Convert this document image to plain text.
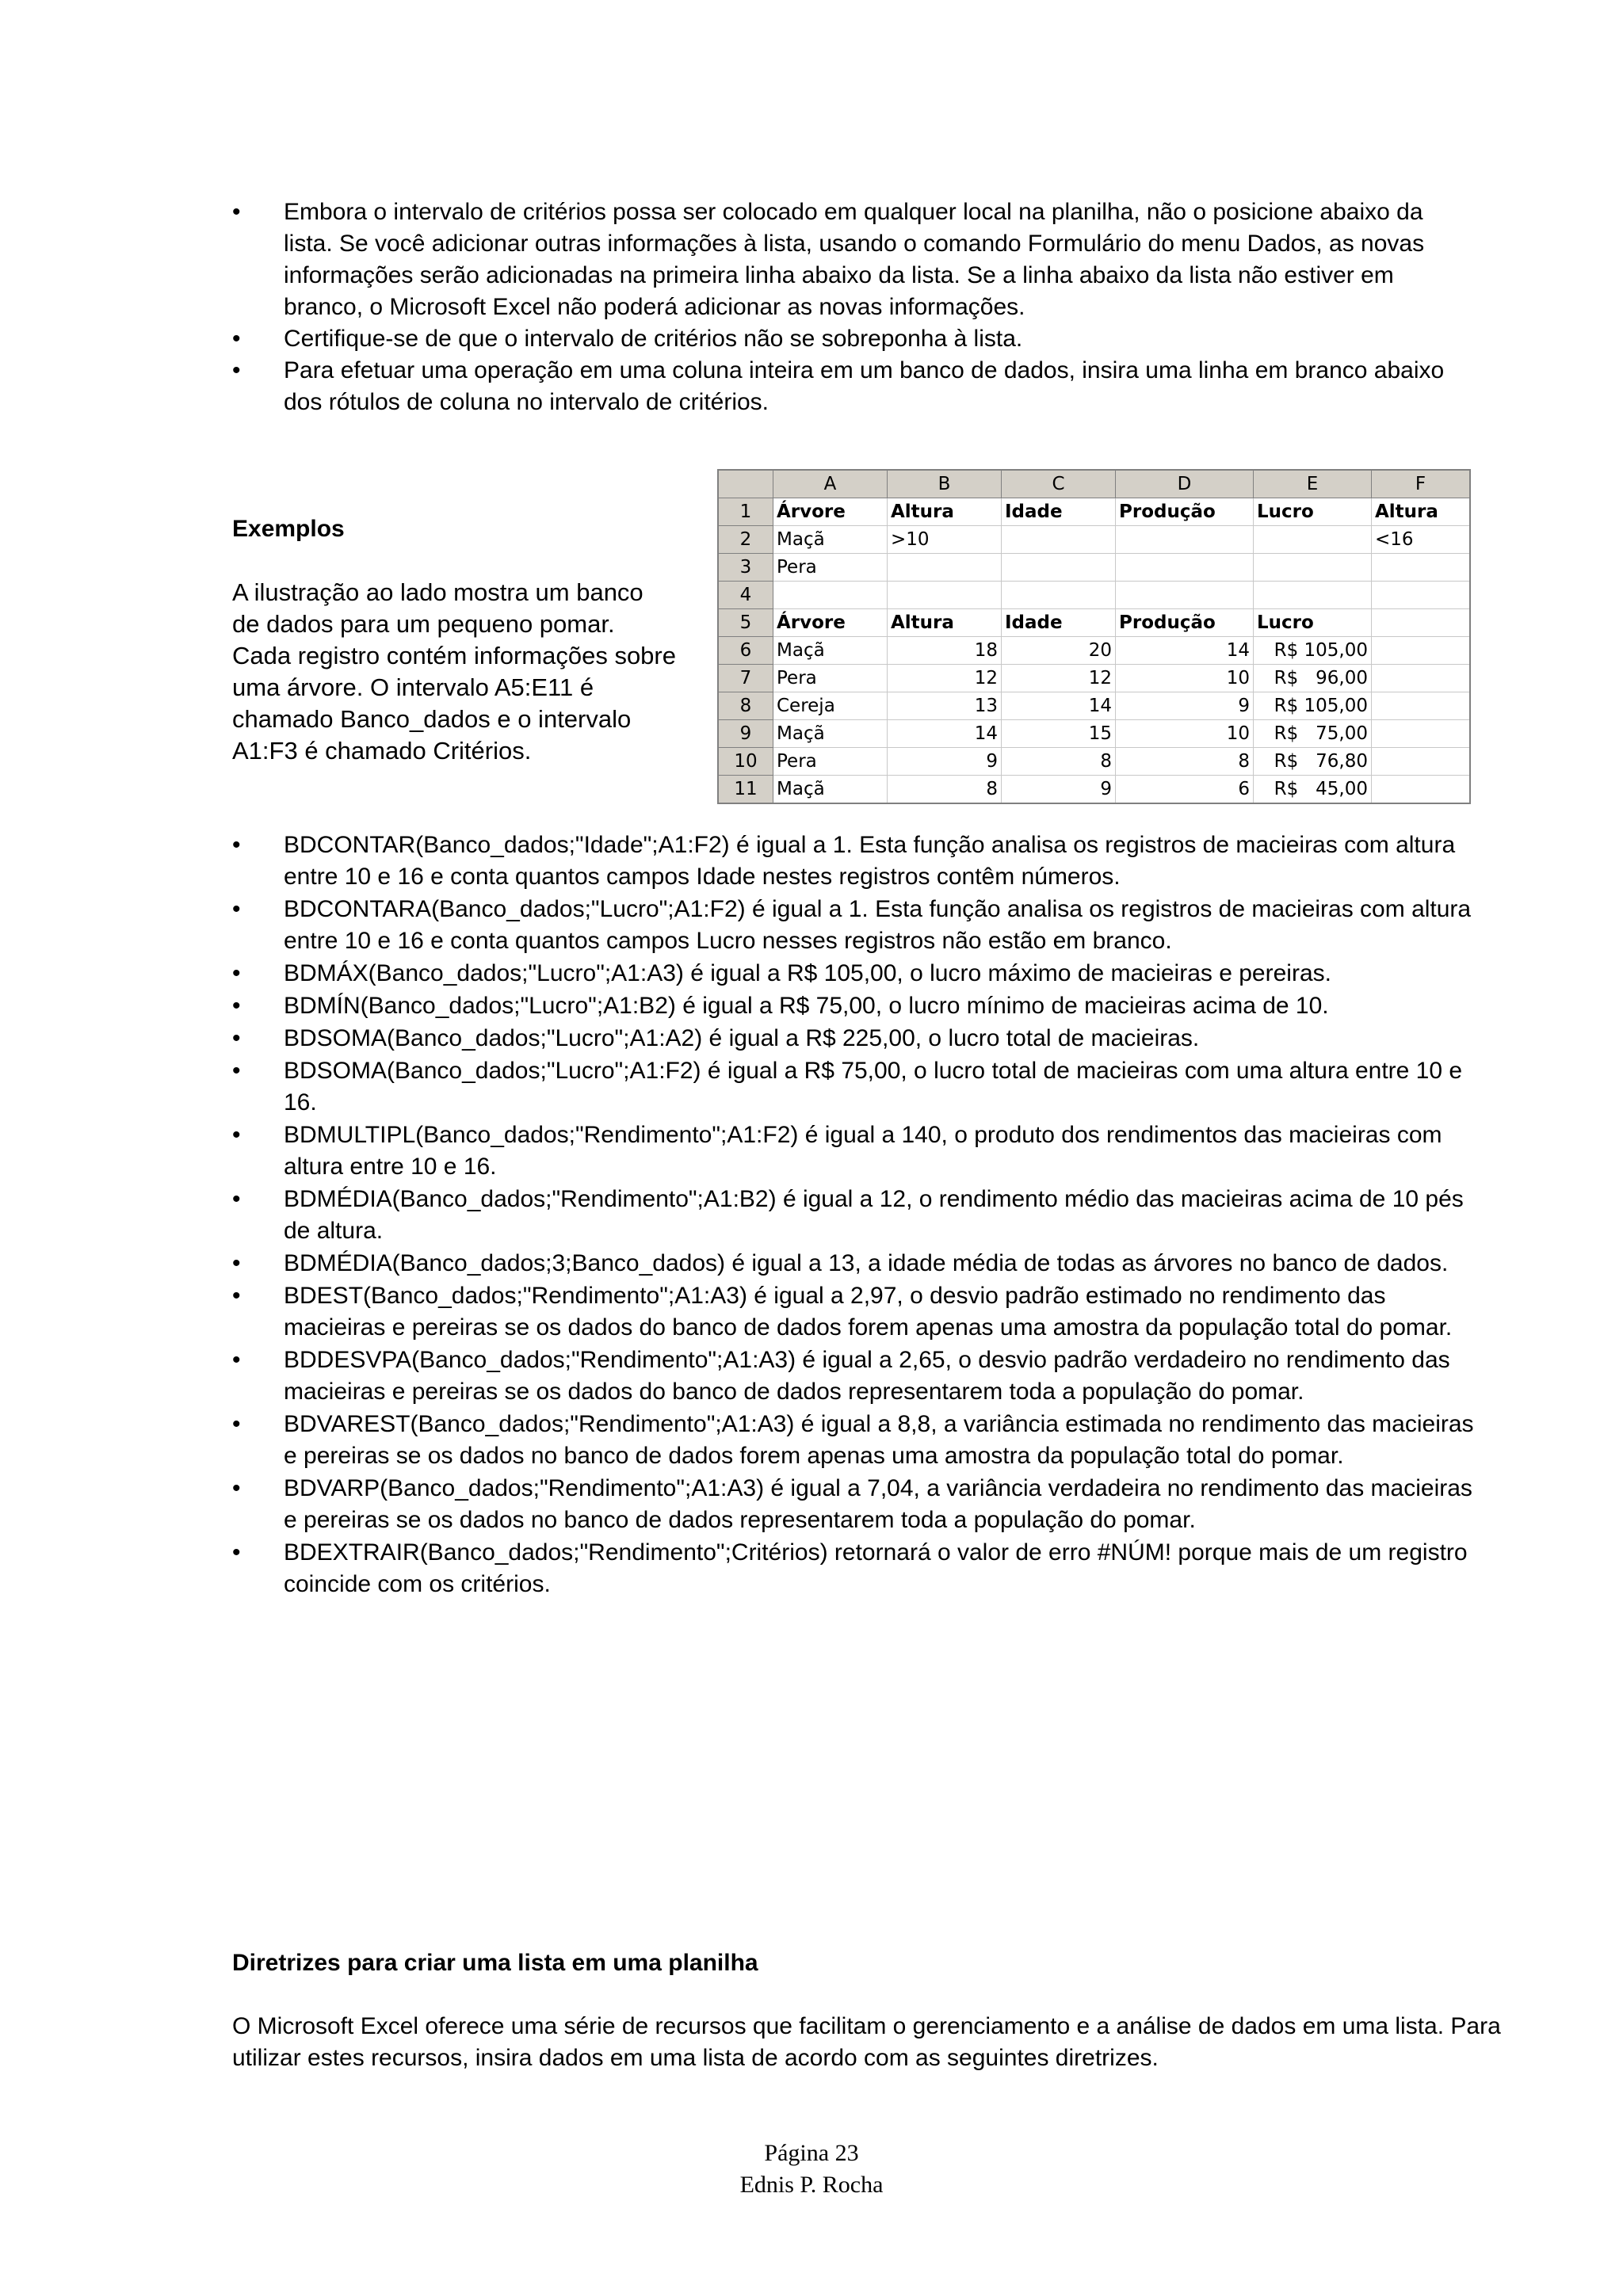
• Embora o intervalo de critérios possa ser colocado em qualquer local na planilha, não o posicione abaixo da lista. Se você adicionar outras informações à lista, usando o comando Formulário do menu Dados, as novas informações serão adicionadas na primeira linha abaixo da lista. Se a linha abaixo da lista não estiver em branco, o Microsoft Excel não poderá adicionar as novas informações.
• Certifique-se de que o intervalo de critérios não se sobreponha à lista.
• Para efetuar uma operação em uma coluna inteira em um banco de dados, insira uma linha em branco abaixo dos rótulos de coluna no intervalo de critérios.
Exemplos

A ilustração ao lado mostra um banco de dados para um pequeno pomar. Cada registro contém informações sobre uma árvore. O intervalo A5:E11 é chamado Banco_dados e o intervalo A1:F3 é chamado Critérios.

	A	B	C	D	E	F
1	Árvore	Altura	Idade	Produção	Lucro	Altura
2	Maçã	>10				<16
3	Pera					
4						
5	Árvore	Altura	Idade	Produção	Lucro	
6	Maçã	18	20	14	R$ 105,00	
7	Pera	12	12	10	R$   96,00	
8	Cereja	13	14	9	R$ 105,00	
9	Maçã	14	15	10	R$   75,00	
10	Pera	9	8	8	R$   76,80	
11	Maçã	8	9	6	R$   45,00	
• BDCONTAR(Banco_dados;"Idade";A1:F2) é igual a 1. Esta função analisa os registros de macieiras com altura entre 10 e 16 e conta quantos campos Idade nestes registros contêm números.
• BDCONTARA(Banco_dados;"Lucro";A1:F2) é igual a 1. Esta função analisa os registros de macieiras com altura entre 10 e 16 e conta quantos campos Lucro nesses registros não estão em branco.
• BDMÁX(Banco_dados;"Lucro";A1:A3) é igual a R$ 105,00, o lucro máximo de macieiras e pereiras.
• BDMÍN(Banco_dados;"Lucro";A1:B2) é igual a R$ 75,00, o lucro mínimo de macieiras acima de 10.
• BDSOMA(Banco_dados;"Lucro";A1:A2) é igual a R$ 225,00, o lucro total de macieiras.
• BDSOMA(Banco_dados;"Lucro";A1:F2) é igual a R$ 75,00, o lucro total de macieiras com uma altura entre 10 e 16.
• BDMULTIPL(Banco_dados;"Rendimento";A1:F2) é igual a 140, o produto dos rendimentos das macieiras com altura entre 10 e 16.
• BDMÉDIA(Banco_dados;"Rendimento";A1:B2) é igual a 12, o rendimento médio das macieiras acima de 10 pés de altura.
• BDMÉDIA(Banco_dados;3;Banco_dados) é igual a 13, a idade média de todas as árvores no banco de dados.
• BDEST(Banco_dados;"Rendimento";A1:A3) é igual a 2,97, o desvio padrão estimado no rendimento das macieiras e pereiras se os dados do banco de dados forem apenas uma amostra da população total do pomar.
• BDDESVPA(Banco_dados;"Rendimento";A1:A3) é igual a 2,65, o desvio padrão verdadeiro no rendimento das macieiras e pereiras se os dados do banco de dados representarem toda a população do pomar.
• BDVAREST(Banco_dados;"Rendimento";A1:A3) é igual a 8,8, a variância estimada no rendimento das macieiras e pereiras se os dados no banco de dados forem apenas uma amostra da população total do pomar.
• BDVARP(Banco_dados;"Rendimento";A1:A3) é igual a 7,04, a variância verdadeira no rendimento das macieiras e pereiras se os dados no banco de dados representarem toda a população do pomar.
• BDEXTRAIR(Banco_dados;"Rendimento";Critérios) retornará o valor de erro #NÚM! porque mais de um registro coincide com os critérios.
Diretrizes para criar uma lista em uma planilha

O Microsoft Excel oferece uma série de recursos que facilitam o gerenciamento e a análise de dados em uma lista. Para utilizar estes recursos, insira dados em uma lista de acordo com as seguintes diretrizes.

Página 23
Ednis P. Rocha
